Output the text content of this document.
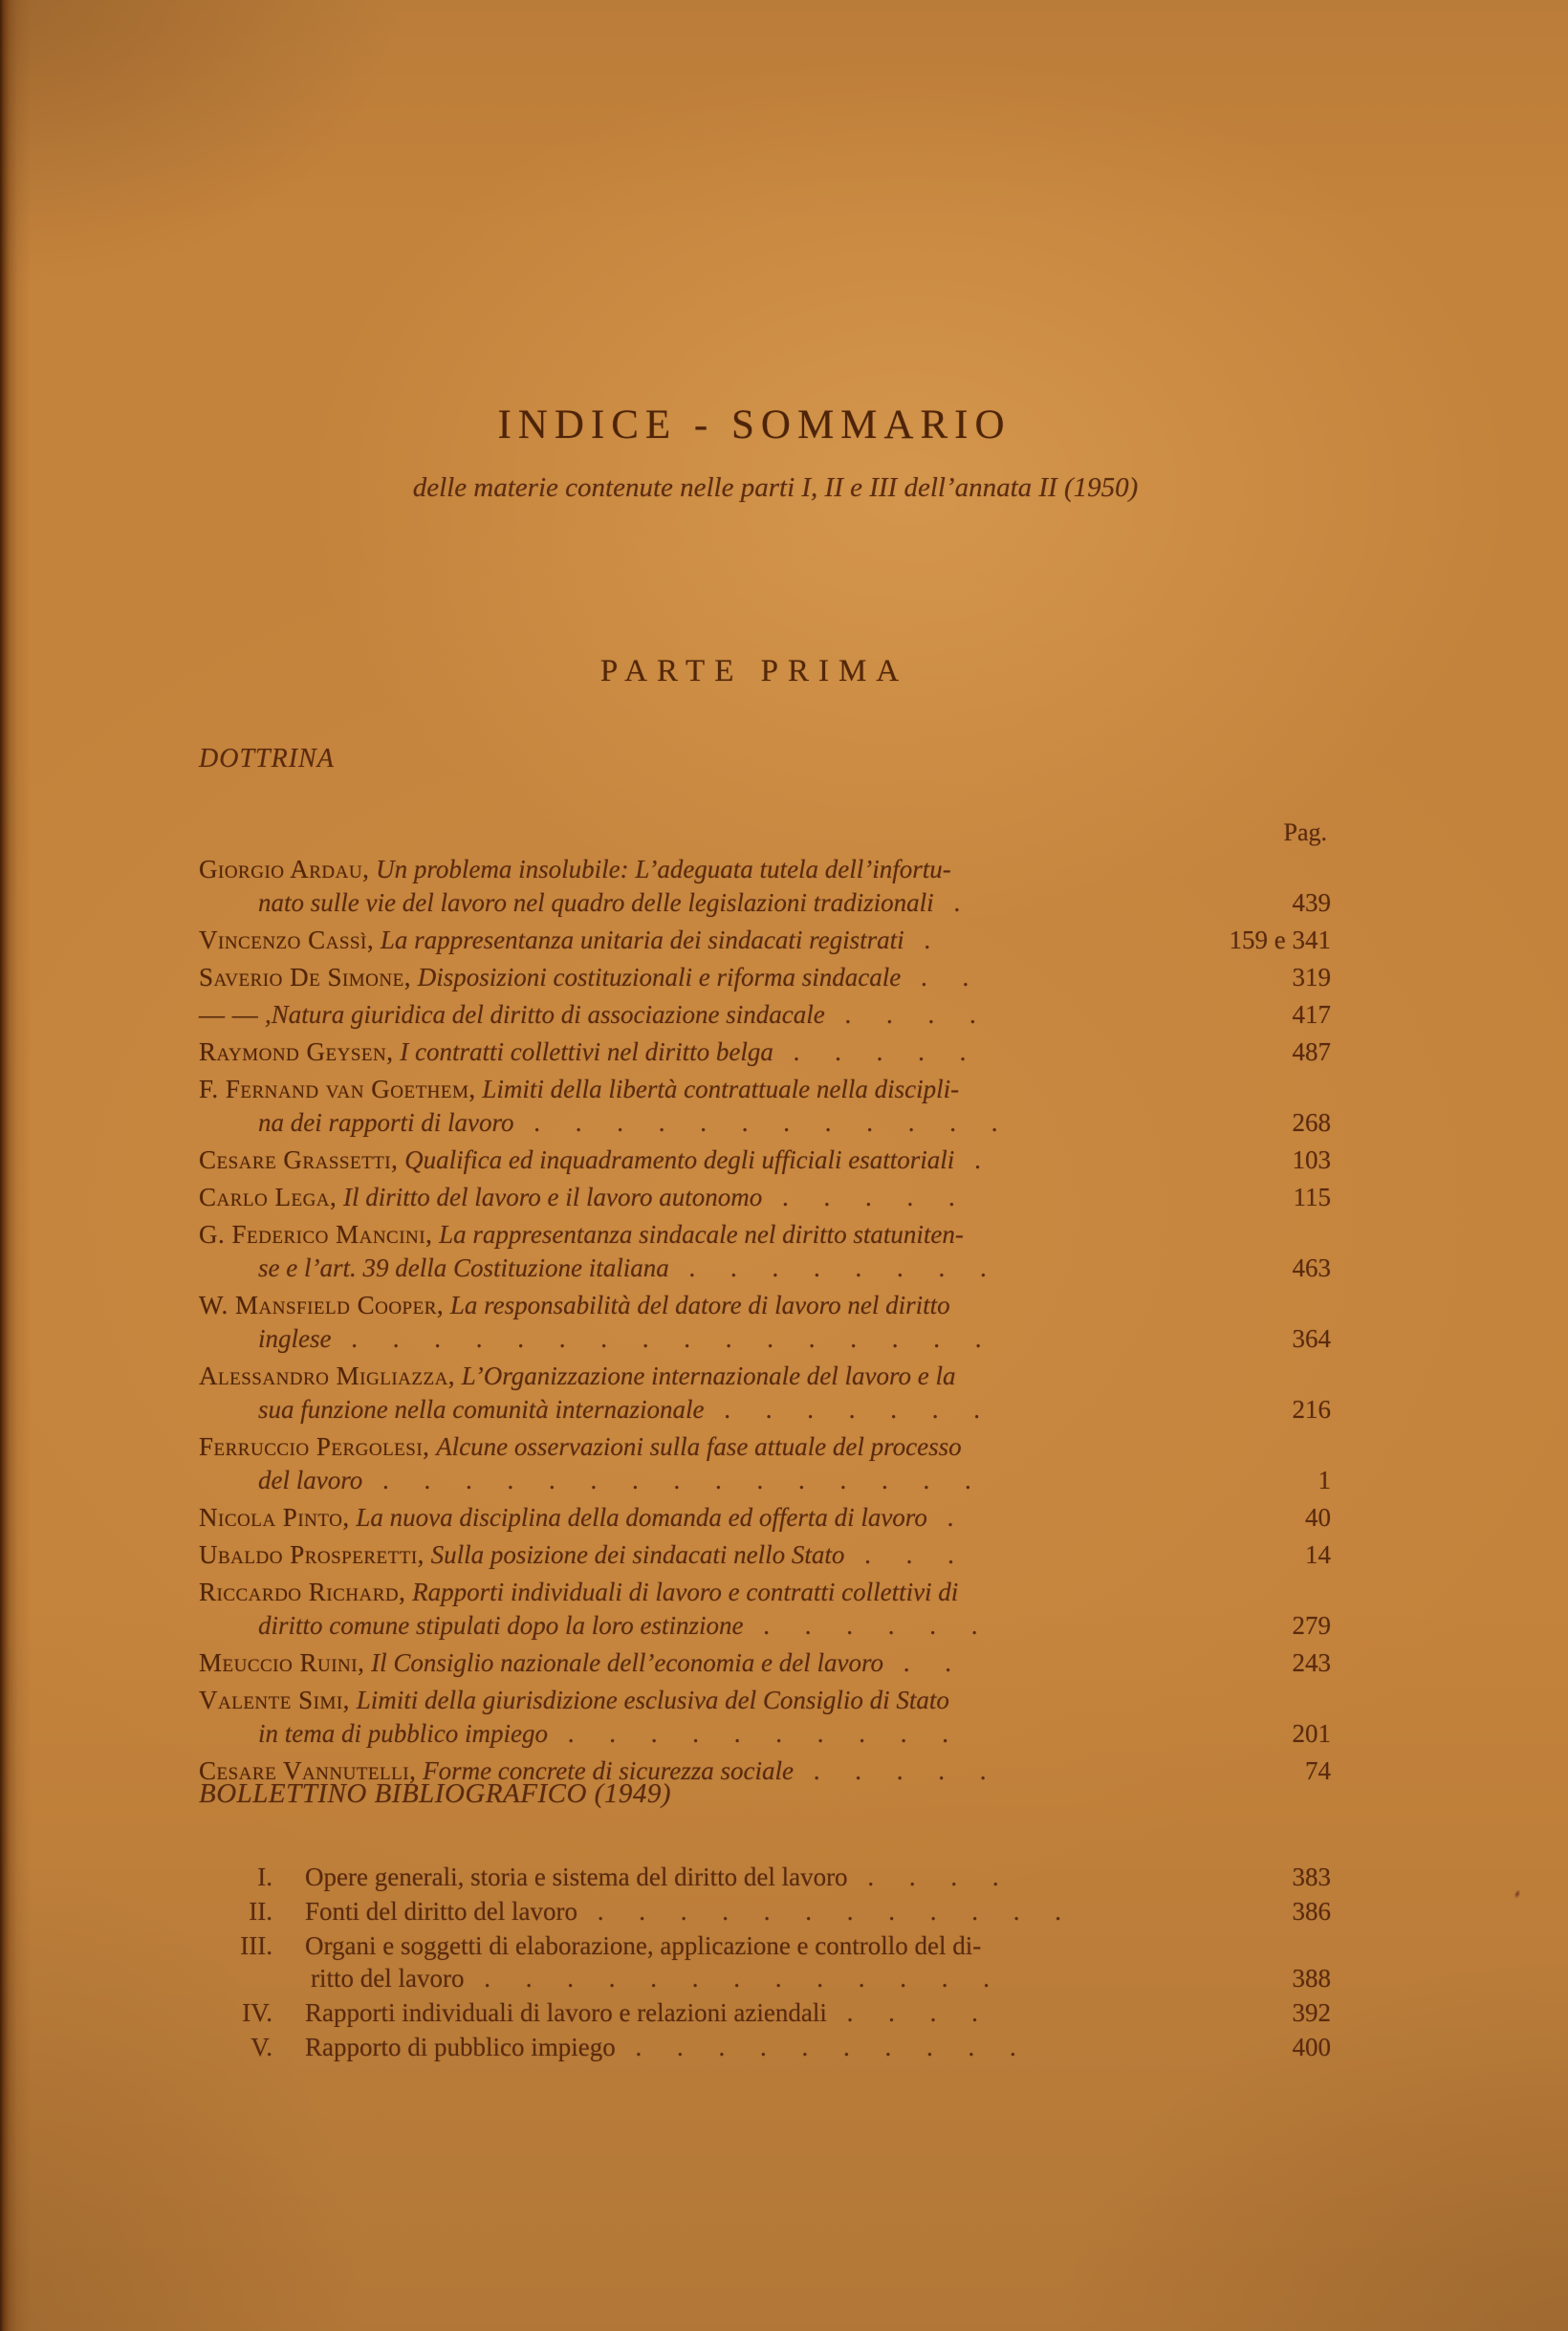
INDICE - SOMMARIO

delle materie contenute nelle parti I, II e III dell’annata II (1950)

PARTE PRIMA
DOTTRINA
Pag.
Giorgio Ardau, Un problema insolubile: L’adeguata tutela dell’infortu-
nato sulle vie del lavoro nel quadro delle legislazioni tradizionali .	439
Vincenzo Cassì, La rappresentanza unitaria dei sindacati registrati .	159 e 341
Saverio De Simone, Disposizioni costituzionali e riforma sindacale . .	319
— — ,Natura giuridica del diritto di associazione sindacale . . . .	417
Raymond Geysen, I contratti collettivi nel diritto belga . . . . .	487
F. Fernand van Goethem, Limiti della libertà contrattuale nella discipli-
na dei rapporti di lavoro . . . . . . . . . . . .	268
Cesare Grassetti, Qualifica ed inquadramento degli ufficiali esattoriali .	103
Carlo Lega, Il diritto del lavoro e il lavoro autonomo . . . . .	115
G. Federico Mancini, La rappresentanza sindacale nel diritto statuniten-
se e l’art. 39 della Costituzione italiana . . . . . . . .	463
W. Mansfield Cooper, La responsabilità del datore di lavoro nel diritto
inglese . . . . . . . . . . . . . . . .	364
Alessandro Migliazza, L’Organizzazione internazionale del lavoro e la
sua funzione nella comunità internazionale . . . . . . .	216
Ferruccio Pergolesi, Alcune osservazioni sulla fase attuale del processo
del lavoro . . . . . . . . . . . . . . .	1
Nicola Pinto, La nuova disciplina della domanda ed offerta di lavoro .	40
Ubaldo Prosperetti, Sulla posizione dei sindacati nello Stato . . .	14
Riccardo Richard, Rapporti individuali di lavoro e contratti collettivi di
diritto comune stipulati dopo la loro estinzione . . . . . .	279
Meuccio Ruini, Il Consiglio nazionale dell’economia e del lavoro . .	243
Valente Simi, Limiti della giurisdizione esclusiva del Consiglio di Stato
in tema di pubblico impiego . . . . . . . . . .	201
Cesare Vannutelli, Forme concrete di sicurezza sociale . . . . .	74
BOLLETTINO BIBLIOGRAFICO (1949)
I. Opere generali, storia e sistema del diritto del lavoro . . . .	383
II. Fonti del diritto del lavoro . . . . . . . . . . . .	386
III. Organi e soggetti di elaborazione, applicazione e controllo del di-
ritto del lavoro . . . . . . . . . . . . .	388
IV. Rapporti individuali di lavoro e relazioni aziendali . . . .	392
V. Rapporto di pubblico impiego . . . . . . . . . .	400
